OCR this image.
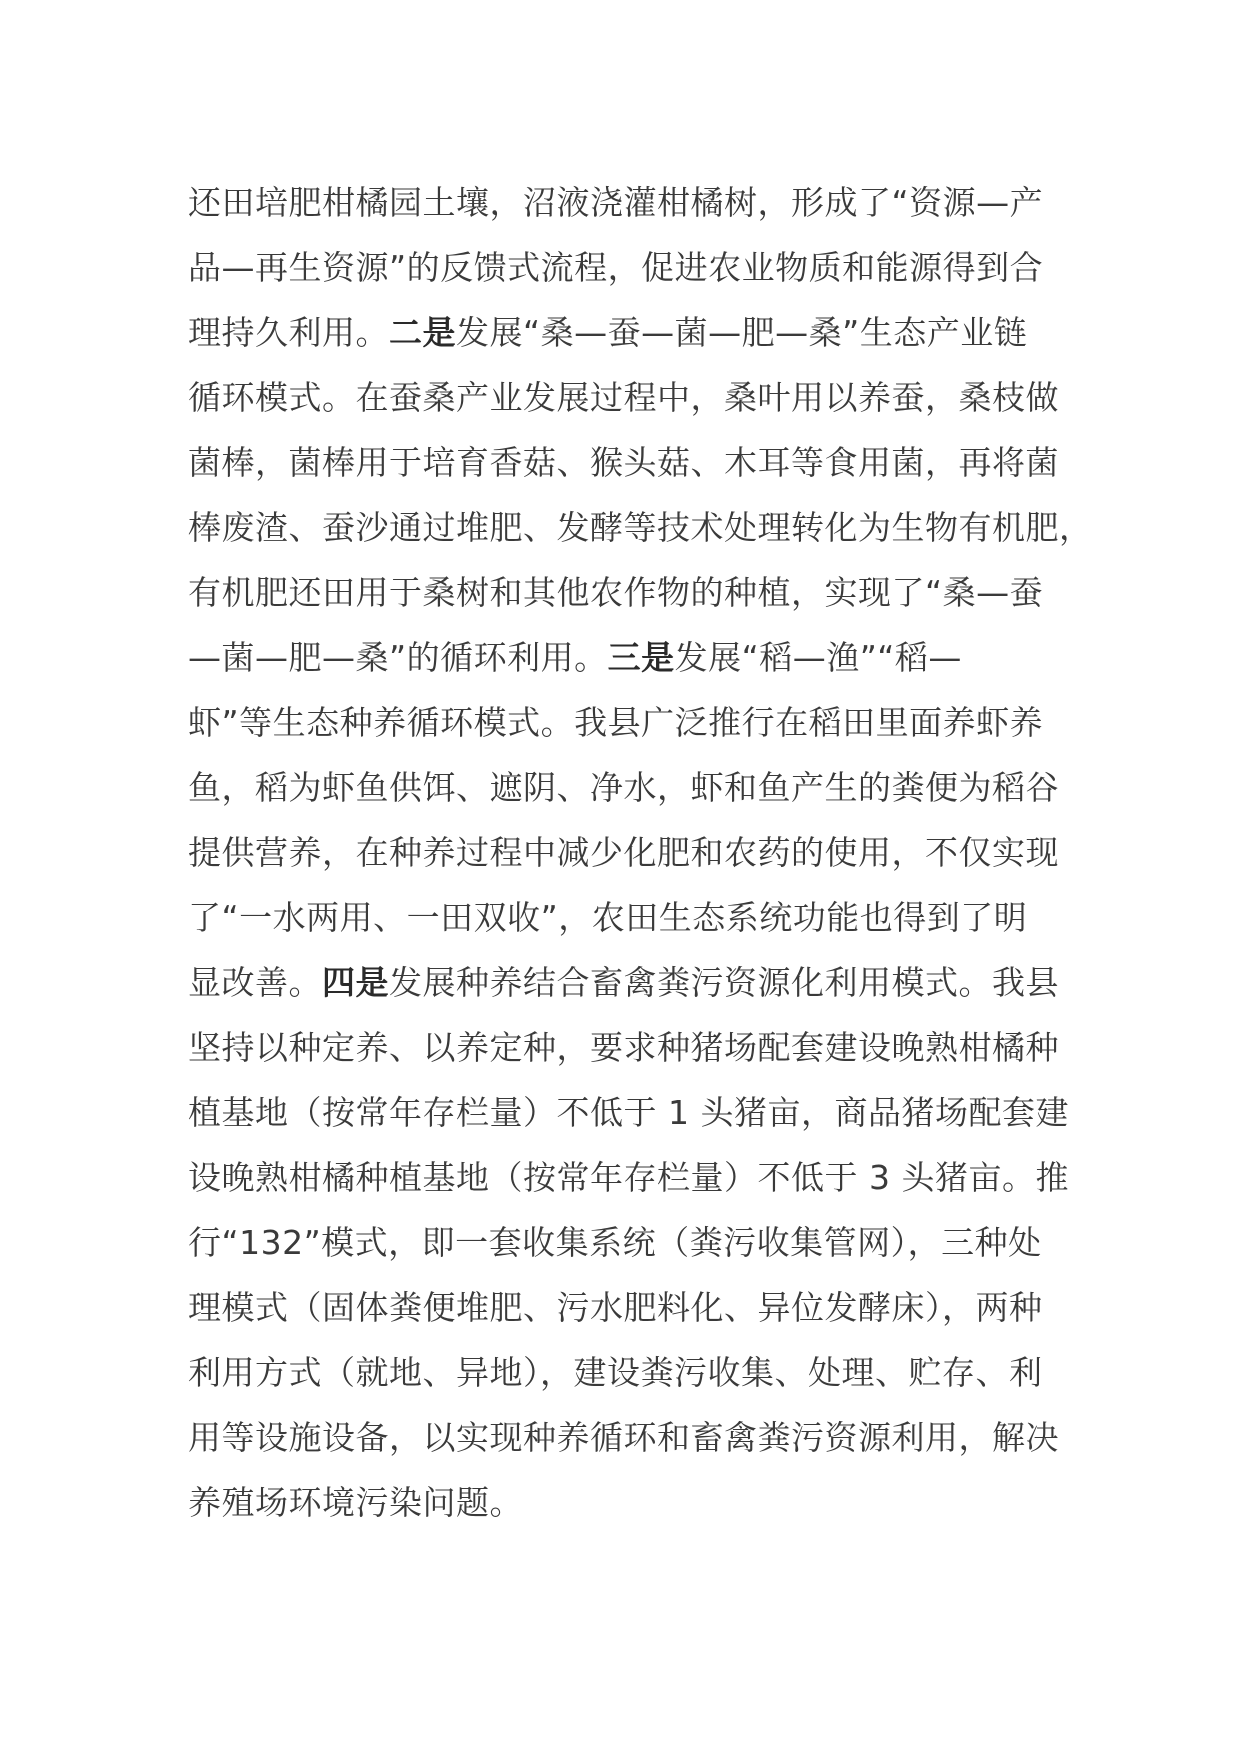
还田培肥柑橘园土壤，沼液浇灌柑橘树，形成了“资源—产
品—再生资源”的反馈式流程，促进农业物质和能源得到合
理持久利用。二是发展“桑—蚕—菌—肥—桑”生态产业链
循环模式。在蚕桑产业发展过程中，桑叶用以养蚕，桑枝做
菌棒，菌棒用于培育香菇、猴头菇、木耳等食用菌，再将菌
棒废渣、蚕沙通过堆肥、发酵等技术处理转化为生物有机肥，
有机肥还田用于桑树和其他农作物的种植，实现了“桑—蚕
—菌—肥—桑”的循环利用。三是发展“稻—渔”“稻—
虾”等生态种养循环模式。我县广泛推行在稻田里面养虾养
鱼，稻为虾鱼供饵、遮阴、净水，虾和鱼产生的粪便为稻谷
提供营养，在种养过程中减少化肥和农药的使用，不仅实现
了“一水两用、一田双收”，农田生态系统功能也得到了明
显改善。四是发展种养结合畜禽粪污资源化利用模式。我县
坚持以种定养、以养定种，要求种猪场配套建设晚熟柑橘种
植基地（按常年存栏量）不低于 1 头猪亩，商品猪场配套建
设晚熟柑橘种植基地（按常年存栏量）不低于 3 头猪亩。推
行“132”模式，即一套收集系统（粪污收集管网），三种处
理模式（固体粪便堆肥、污水肥料化、异位发酵床），两种
利用方式（就地、异地），建设粪污收集、处理、贮存、利
用等设施设备，以实现种养循环和畜禽粪污资源利用，解决
养殖场环境污染问题。
